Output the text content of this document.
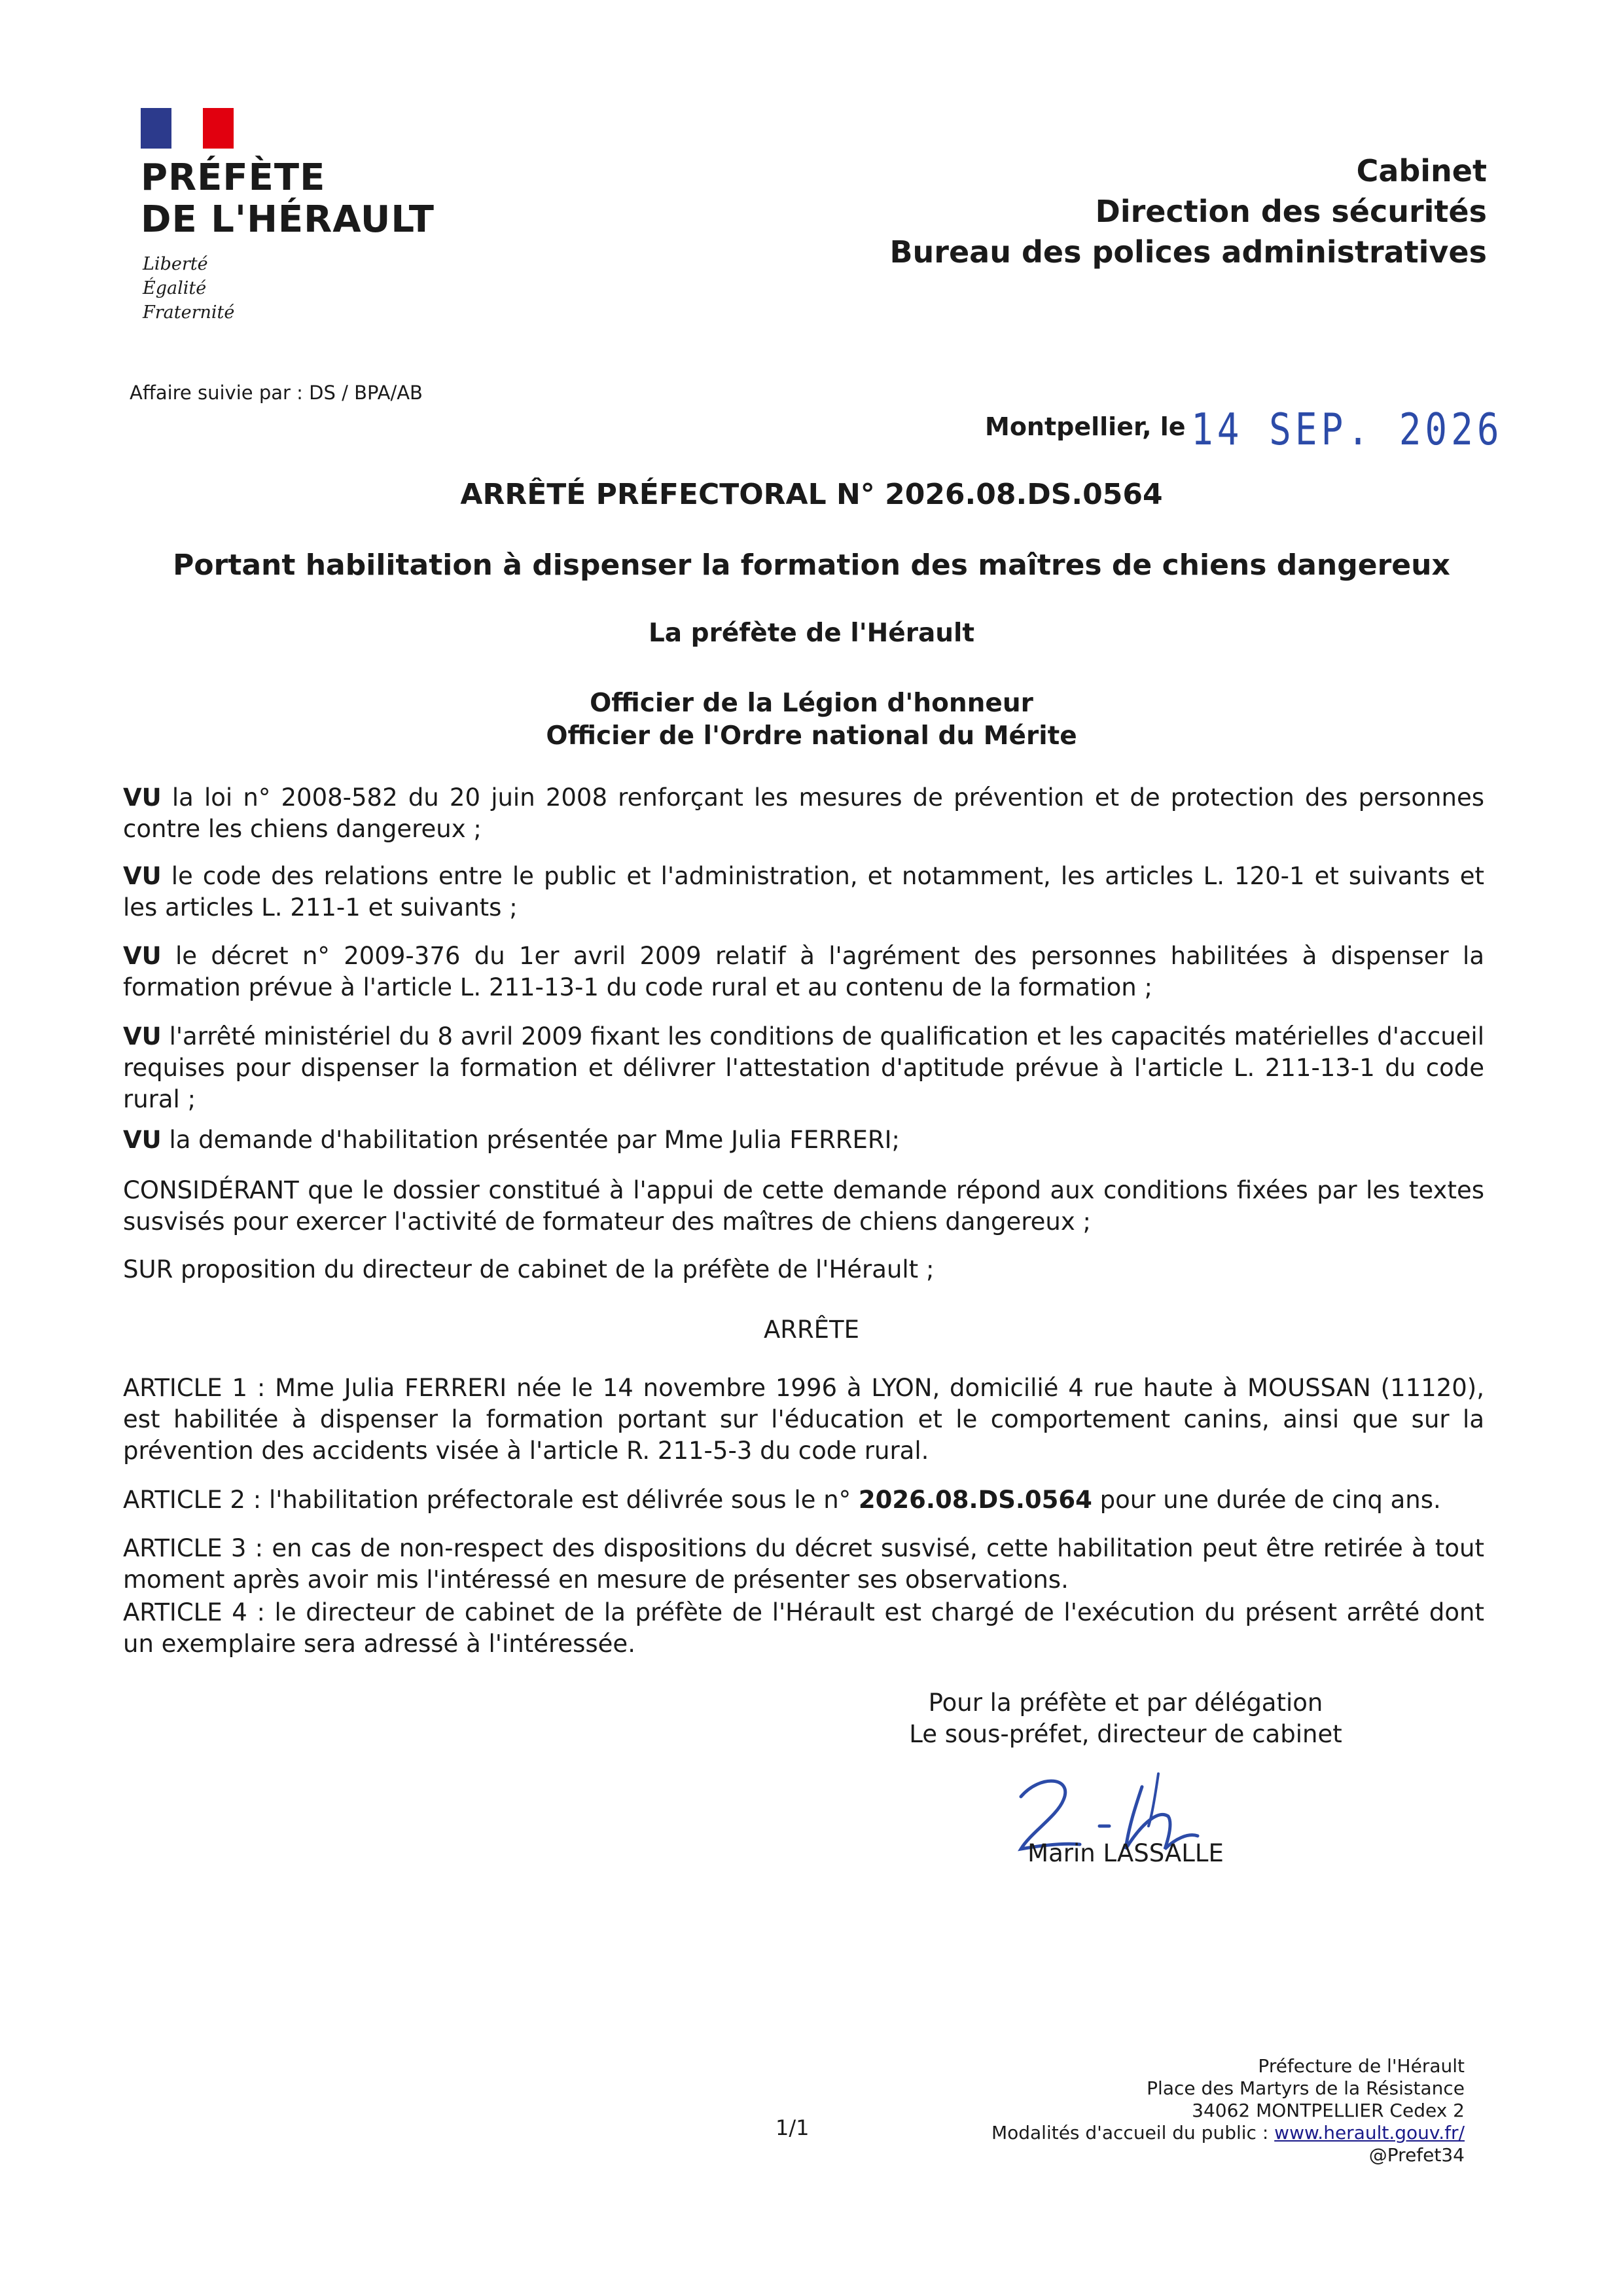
PRÉFÈTE
DE L'HÉRAULT
Liberté
Égalité
Fraternité
Cabinet
Direction des sécurités
Bureau des polices administratives
Affaire suivie par : DS / BPA/AB
Montpellier, le 14 SEP. 2026
ARRÊTÉ PRÉFECTORAL N° 2026.08.DS.0564
Portant habilitation à dispenser la formation des maîtres de chiens dangereux
La préfète de l'Hérault
Officier de la Légion d'honneur
Officier de l'Ordre national du Mérite
VU la loi n° 2008-582 du 20 juin 2008 renforçant les mesures de prévention et de protection des personnes contre les chiens dangereux ;
VU le code des relations entre le public et l'administration, et notamment, les articles L. 120-1 et suivants et les articles L. 211-1 et suivants ;
VU le décret n° 2009-376 du 1er avril 2009 relatif à l'agrément des personnes habilitées à dispenser la formation prévue à l'article L. 211-13-1 du code rural et au contenu de la formation ;
VU l'arrêté ministériel du 8 avril 2009 fixant les conditions de qualification et les capacités matérielles d'accueil requises pour dispenser la formation et délivrer l'attestation d'aptitude prévue à l'article L. 211-13-1 du code rural ;
VU la demande d'habilitation présentée par Mme Julia FERRERI;
CONSIDÉRANT que le dossier constitué à l'appui de cette demande répond aux conditions fixées par les textes susvisés pour exercer l'activité de formateur des maîtres de chiens dangereux ;
SUR proposition du directeur de cabinet de la préfète de l'Hérault ;
ARRÊTE
ARTICLE 1 : Mme Julia FERRERI née le 14 novembre 1996 à LYON, domicilié 4 rue haute à MOUSSAN (11120), est habilitée à dispenser la formation portant sur l'éducation et le comportement canins, ainsi que sur la prévention des accidents visée à l'article R. 211-5-3 du code rural.
ARTICLE 2 : l'habilitation préfectorale est délivrée sous le n° 2026.08.DS.0564 pour une durée de cinq ans.
ARTICLE 3 : en cas de non-respect des dispositions du décret susvisé, cette habilitation peut être retirée à tout moment après avoir mis l'intéressé en mesure de présenter ses observations.
ARTICLE 4 : le directeur de cabinet de la préfète de l'Hérault est chargé de l'exécution du présent arrêté dont un exemplaire sera adressé à l'intéressée.
Pour la préfète et par délégation
Le sous-préfet, directeur de cabinet
Marin LASSALLE
1/1
Préfecture de l'Hérault
Place des Martyrs de la Résistance
34062 MONTPELLIER Cedex 2
Modalités d'accueil du public : www.herault.gouv.fr/
@Prefet34
